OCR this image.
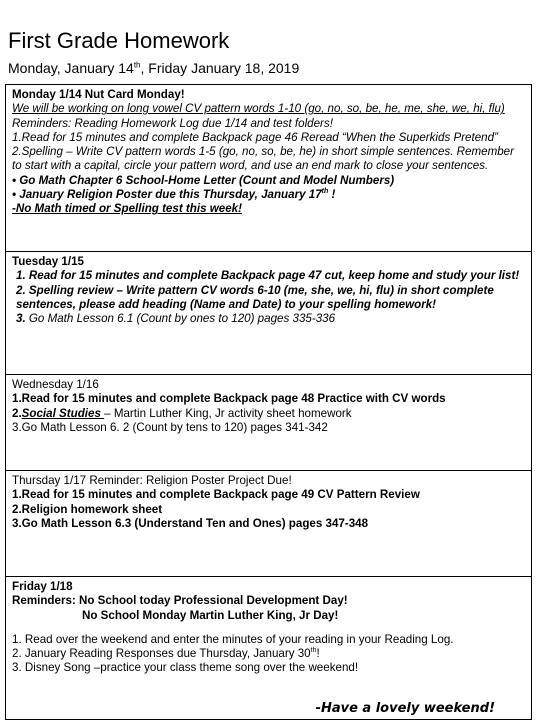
First Grade Homework
Monday, January 14th, Friday January 18, 2019

Monday 1/14 Nut Card Monday!

We will be working on long vowel CV pattern words 1-10 (go, no, so, be, he, me, she, we, hi, flu)

Reminders: Reading Homework Log due 1/14 and test folders!

1.Read for 15 minutes and complete Backpack page 46 Reread “When the Superkids Pretend”

2.Spelling – Write CV pattern words 1-5 (go, no, so, be, he) in short simple sentences. Remember to start with a capital, circle your pattern word, and use an end mark to close your sentences.

• Go Math Chapter 6 School-Home Letter (Count and Model Numbers)

• January Religion Poster due this Thursday, January 17th !

-No Math timed or Spelling test this week!

Tuesday 1/15

1. Read for 15 minutes and complete Backpack page 47 cut, keep home and study your list!

2. Spelling review – Write pattern CV words 6-10 (me, she, we, hi, flu) in short complete sentences, please add heading (Name and Date) to your spelling homework!

3. Go Math Lesson 6.1 (Count by ones to 120) pages 335-336

Wednesday 1/16

1.Read for 15 minutes and complete Backpack page 48 Practice with CV words

2.Social Studies – Martin Luther King, Jr activity sheet homework

3.Go Math Lesson 6. 2 (Count by tens to 120) pages 341-342

Thursday 1/17 Reminder: Religion Poster Project Due!

1.Read for 15 minutes and complete Backpack page 49 CV Pattern Review

2.Religion homework sheet

3.Go Math Lesson 6.3 (Understand Ten and Ones) pages 347-348

Friday 1/18

Reminders: No School today Professional Development Day!

No School Monday Martin Luther King, Jr Day!

1. Read over the weekend and enter the minutes of your reading in your Reading Log.

2. January Reading Responses due Thursday, January 30th!

3. Disney Song –practice your class theme song over the weekend!

-Have a lovely weekend!
